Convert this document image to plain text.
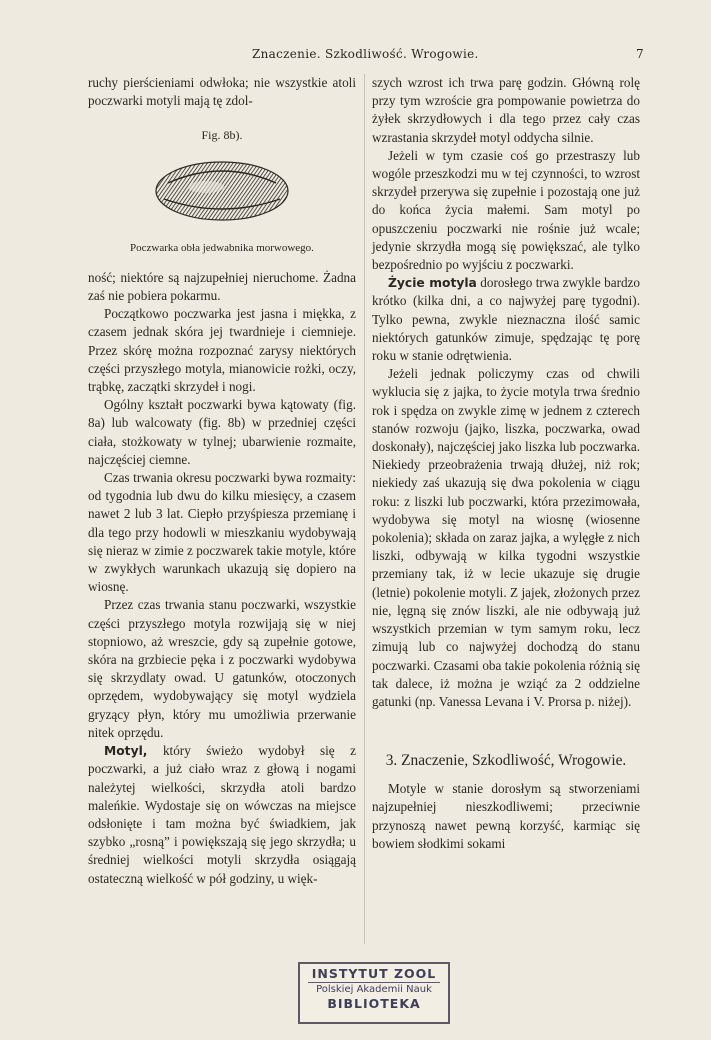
Znaczenie. Szkodliwość. Wrogowie.	7

ruchy pierścieniami odwłoka; nie wszystkie atoli poczwarki motyli mają tę zdol-

Fig. 8b).
Poczwarka obła jedwabnika morwowego.

ność; niektóre są najzupełniej nieruchome. Żadna zaś nie pobiera pokarmu.

Początkowo poczwarka jest jasna i miękka, z czasem jednak skóra jej twardnieje i ciemnieje. Przez skórę można rozpoznać zarysy niektórych części przyszłego motyla, mianowicie rożki, oczy, trąbkę, zaczątki skrzydeł i nogi.

Ogólny kształt poczwarki bywa kątowaty (fig. 8a) lub walcowaty (fig. 8b) w przedniej części ciała, stożkowaty w tylnej; ubarwienie rozmaite, najczęściej ciemne.

Czas trwania okresu poczwarki bywa rozmaity: od tygodnia lub dwu do kilku miesięcy, a czasem nawet 2 lub 3 lat. Ciepło przyśpiesza przemianę i dla tego przy hodowli w mieszkaniu wydobywają się nieraz w zimie z poczwarek takie motyle, które w zwykłych warunkach ukazują się dopiero na wiosnę.

Przez czas trwania stanu poczwarki, wszystkie części przyszłego motyla rozwijają się w niej stopniowo, aż wreszcie, gdy są zupełnie gotowe, skóra na grzbiecie pęka i z poczwarki wydobywa się skrzydlaty owad. U gatunków, otoczonych oprzędem, wydobywający się motyl wydziela gryzący płyn, który mu umożliwia przerwanie nitek oprzędu.

Motyl, który świeżo wydobył się z poczwarki, a już ciało wraz z głową i nogami należytej wielkości, skrzydła atoli bardzo maleńkie. Wydostaje się on wówczas na miejsce odsłonięte i tam można być świadkiem, jak szybko „rosną” i powiększają się jego skrzydła; u średniej wielkości motyli skrzydła osiągają ostateczną wielkość w pół godziny, u więk-

szych wzrost ich trwa parę godzin. Główną rolę przy tym wzroście gra pompowanie powietrza do żyłek skrzydłowych i dla tego przez cały czas wzrastania skrzydeł motyl oddycha silnie.

Jeżeli w tym czasie coś go przestraszy lub wogóle przeszkodzi mu w tej czynności, to wzrost skrzydeł przerywa się zupełnie i pozostają one już do końca życia małemi. Sam motyl po opuszczeniu poczwarki nie rośnie już wcale; jedynie skrzydła mogą się powiększać, ale tylko bezpośrednio po wyjściu z poczwarki.

Życie motyla dorosłego trwa zwykle bardzo krótko (kilka dni, a co najwyżej parę tygodni). Tylko pewna, zwykle nieznaczna ilość samic niektórych gatunków zimuje, spędzając tę porę roku w stanie odrętwienia.

Jeżeli jednak policzymy czas od chwili wyklucia się z jajka, to życie motyla trwa średnio rok i spędza on zwykle zimę w jednem z czterech stanów rozwoju (jajko, liszka, poczwarka, owad doskonały), najczęściej jako liszka lub poczwarka. Niekiedy przeobrażenia trwają dłużej, niż rok; niekiedy zaś ukazują się dwa pokolenia w ciągu roku: z liszki lub poczwarki, która przezimowała, wydobywa się motyl na wiosnę (wiosenne pokolenia); składa on zaraz jajka, a wylęgłe z nich liszki, odbywają w kilka tygodni wszystkie przemiany tak, iż w lecie ukazuje się drugie (letnie) pokolenie motyli. Z jajek, złożonych przez nie, lęgną się znów liszki, ale nie odbywają już wszystkich przemian w tym samym roku, lecz zimują lub co najwyżej dochodzą do stanu poczwarki. Czasami oba takie pokolenia różnią się tak dalece, iż można je wziąć za 2 oddzielne gatunki (np. Vanessa Levana i V. Prorsa p. niżej).

3. Znaczenie, Szkodliwość, Wrogowie.

Motyle w stanie dorosłym są stworzeniami najzupełniej nieszkodliwemi; przeciwnie przynoszą nawet pewną korzyść, karmiąc się bowiem słodkimi sokami

INSTYTUT ZOOL
Polskiej Akademii Nauk
BIBLIOTEKA
